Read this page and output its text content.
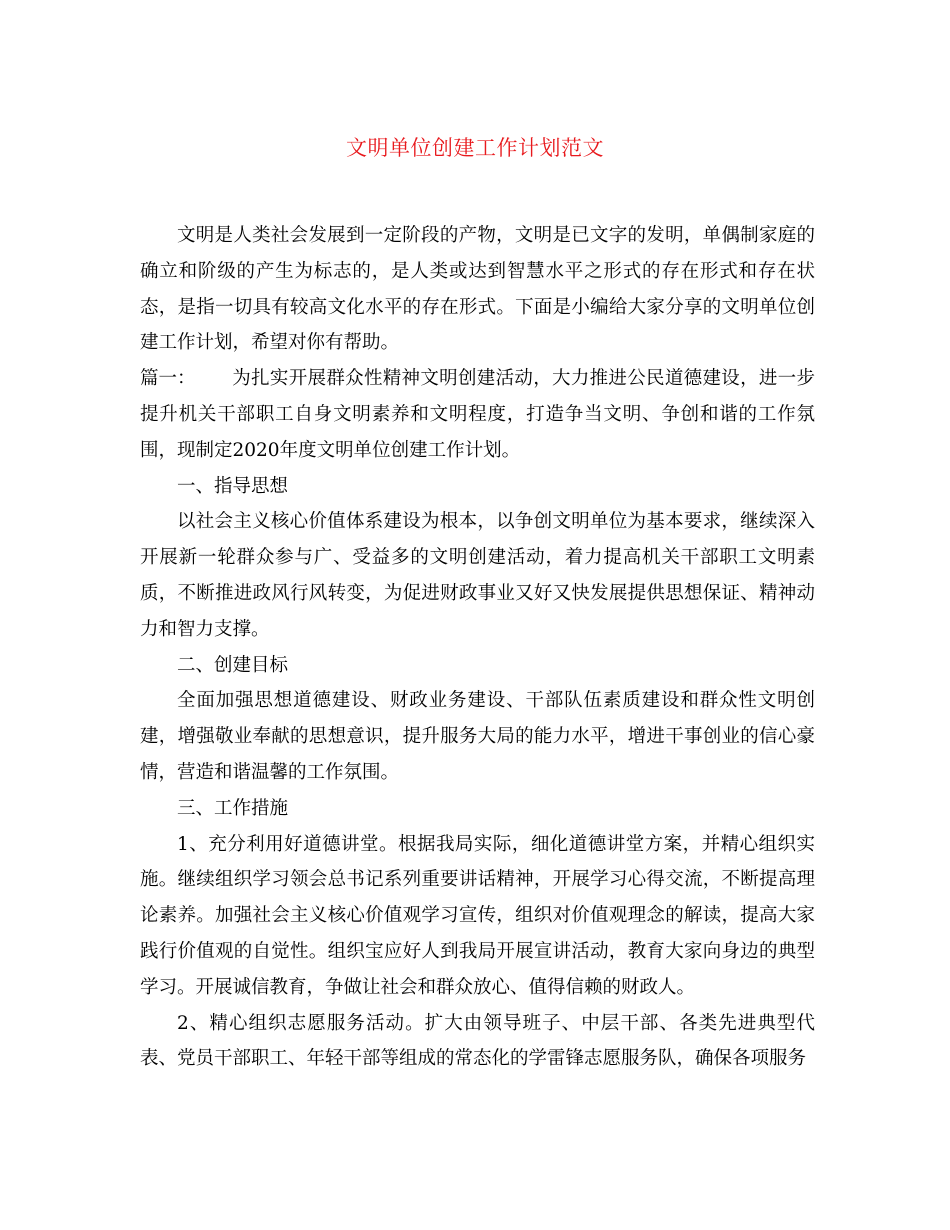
文明单位创建工作计划范文

文明是人类社会发展到一定阶段的产物，文明是已文字的发明，单偶制家庭的确立和阶级的产生为标志的，是人类或达到智慧水平之形式的存在形式和存在状态，是指一切具有较高文化水平的存在形式。下面是小编给大家分享的文明单位创建工作计划，希望对你有帮助。

篇一： 为扎实开展群众性精神文明创建活动，大力推进公民道德建设，进一步提升机关干部职工自身文明素养和文明程度，打造争当文明、争创和谐的工作氛围，现制定2020年度文明单位创建工作计划。

一、指导思想

以社会主义核心价值体系建设为根本，以争创文明单位为基本要求，继续深入开展新一轮群众参与广、受益多的文明创建活动，着力提高机关干部职工文明素质，不断推进政风行风转变，为促进财政事业又好又快发展提供思想保证、精神动力和智力支撑。

二、创建目标

全面加强思想道德建设、财政业务建设、干部队伍素质建设和群众性文明创建，增强敬业奉献的思想意识，提升服务大局的能力水平，增进干事创业的信心豪情，营造和谐温馨的工作氛围。

三、工作措施

1、充分利用好道德讲堂。根据我局实际，细化道德讲堂方案，并精心组织实施。继续组织学习领会总书记系列重要讲话精神，开展学习心得交流，不断提高理论素养。加强社会主义核心价值观学习宣传，组织对价值观理念的解读，提高大家践行价值观的自觉性。组织宝应好人到我局开展宣讲活动，教育大家向身边的典型学习。开展诚信教育，争做让社会和群众放心、值得信赖的财政人。

2、精心组织志愿服务活动。扩大由领导班子、中层干部、各类先进典型代表、党员干部职工、年轻干部等组成的常态化的学雷锋志愿服务队，确保各项服务
